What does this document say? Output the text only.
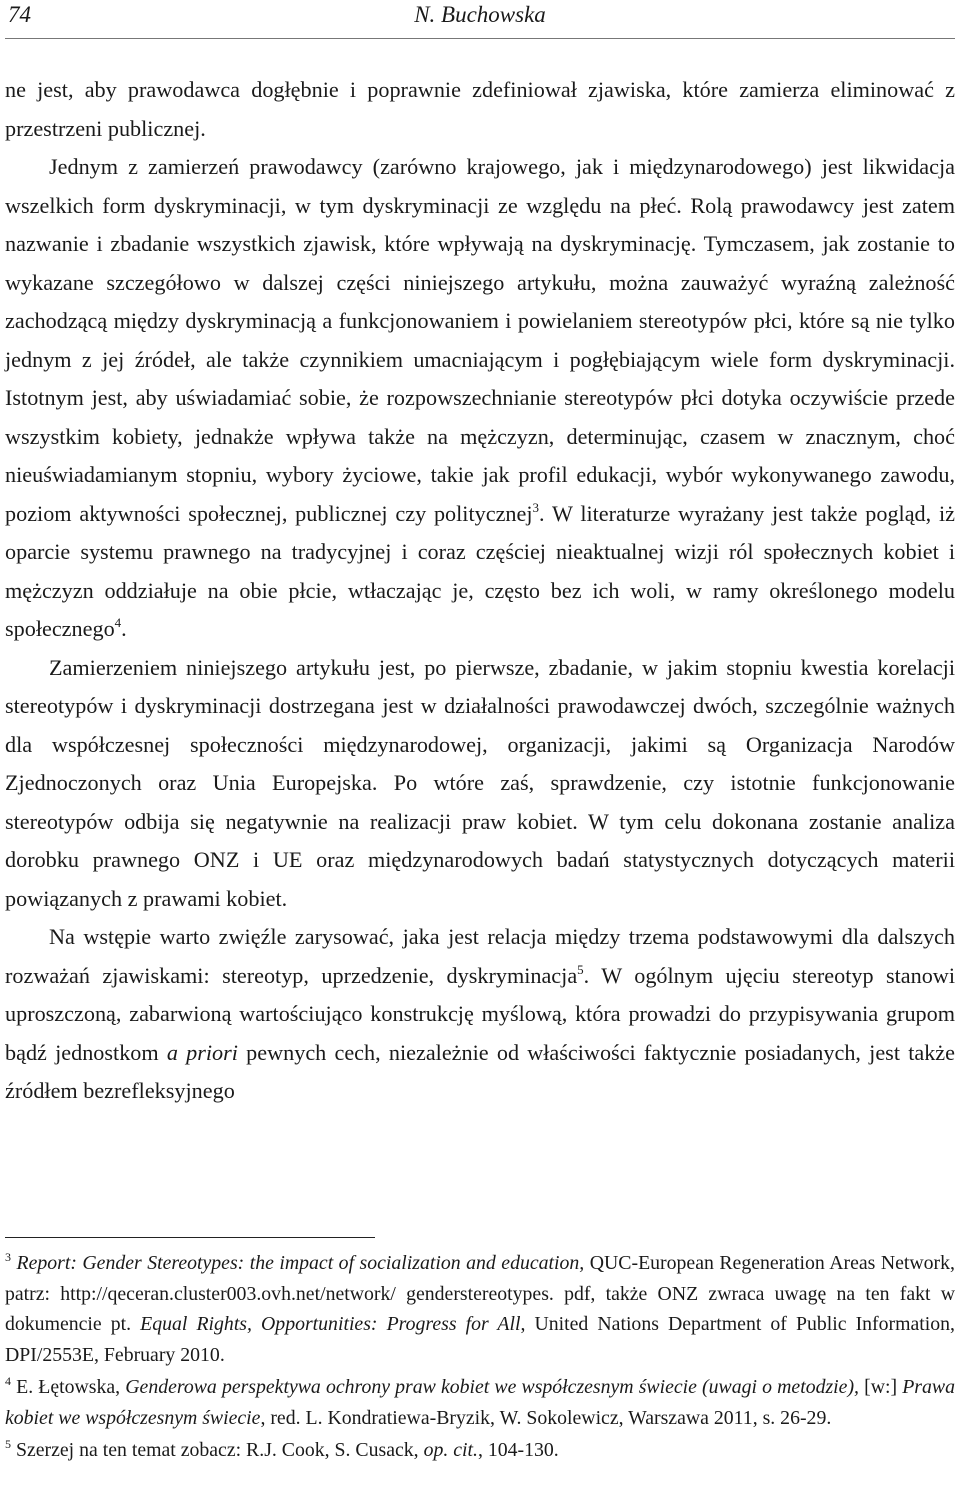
74	N. Buchowska

ne jest, aby prawodawca dogłębnie i poprawnie zdefiniował zjawiska, które zamierza eliminować z przestrzeni publicznej.

Jednym z zamierzeń prawodawcy (zarówno krajowego, jak i międzynarodowego) jest likwidacja wszelkich form dyskryminacji, w tym dyskryminacji ze względu na płeć. Rolą prawodawcy jest zatem nazwanie i zbadanie wszystkich zjawisk, które wpływają na dyskryminację. Tymczasem, jak zostanie to wykazane szczegółowo w dalszej części niniejszego artykułu, można zauważyć wyraźną zależność zachodzącą między dyskryminacją a funkcjonowaniem i powielaniem stereotypów płci, które są nie tylko jednym z jej źródeł, ale także czynnikiem umacniającym i pogłębiającym wiele form dyskryminacji. Istotnym jest, aby uświadamiać sobie, że rozpowszechnianie stereotypów płci dotyka oczywiście przede wszystkim kobiety, jednakże wpływa także na mężczyzn, determinując, czasem w znacznym, choć nieuświadamianym stopniu, wybory życiowe, takie jak profil edukacji, wybór wykonywanego zawodu, poziom aktywności społecznej, publicznej czy politycznej$^3$. W literaturze wyrażany jest także pogląd, iż oparcie systemu prawnego na tradycyjnej i coraz częściej nieaktualnej wizji ról społecznych kobiet i mężczyzn oddziałuje na obie płcie, wtłaczając je, często bez ich woli, w ramy określonego modelu społecznego$^4$.

Zamierzeniem niniejszego artykułu jest, po pierwsze, zbadanie, w jakim stopniu kwestia korelacji stereotypów i dyskryminacji dostrzegana jest w działalności prawodawczej dwóch, szczególnie ważnych dla współczesnej społeczności międzynarodowej, organizacji, jakimi są Organizacja Narodów Zjednoczonych oraz Unia Europejska. Po wtóre zaś, sprawdzenie, czy istotnie funkcjonowanie stereotypów odbija się negatywnie na realizacji praw kobiet. W tym celu dokonana zostanie analiza dorobku prawnego ONZ i UE oraz międzynarodowych badań statystycznych dotyczących materii powiązanych z prawami kobiet.

Na wstępie warto zwięźle zarysować, jaka jest relacja między trzema podstawowymi dla dalszych rozważań zjawiskami: stereotyp, uprzedzenie, dyskryminacja$^5$. W ogólnym ujęciu stereotyp stanowi uproszczoną, zabarwioną wartościująco konstrukcję myślową, która prowadzi do przypisywania grupom bądź jednostkom a priori pewnych cech, niezależnie od właściwości faktycznie posiadanych, jest także źródłem bezrefleksyjnego

$^3$ Report: Gender Stereotypes: the impact of socialization and education, QUC-European Regeneration Areas Network, patrz: http://qeceran.cluster003.ovh.net/network/ genderstereotypes. pdf, także ONZ zwraca uwagę na ten fakt w dokumencie pt. Equal Rights, Opportunities: Progress for All, United Nations Department of Public Information, DPI/2553E, February 2010.

$^4$ E. Łętowska, Genderowa perspektywa ochrony praw kobiet we współczesnym świecie (uwagi o metodzie), [w:] Prawa kobiet we współczesnym świecie, red. L. Kondratiewa-Bryzik, W. Sokolewicz, Warszawa 2011, s. 26-29.

$^5$ Szerzej na ten temat zobacz: R.J. Cook, S. Cusack, op. cit., 104-130.
